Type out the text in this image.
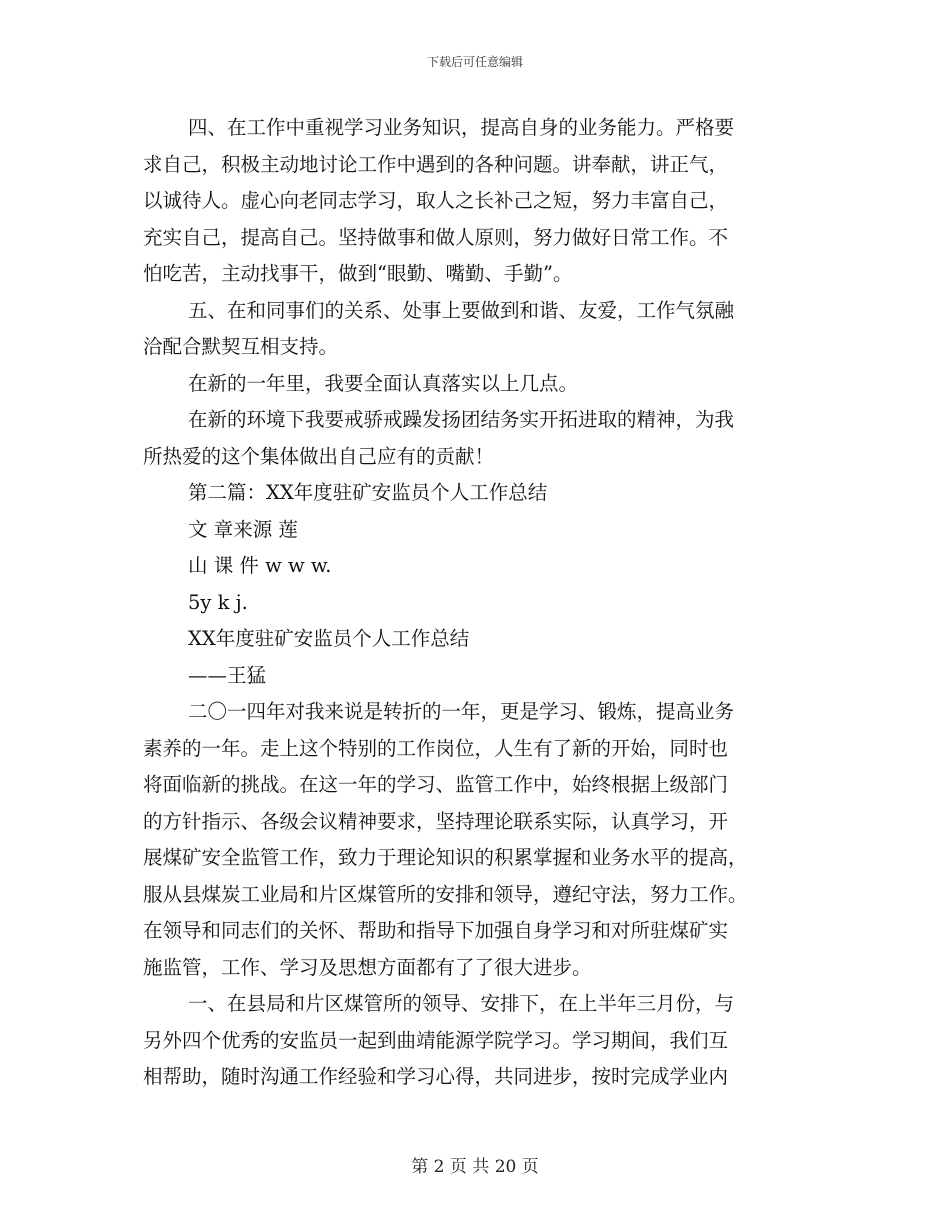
下载后可任意编辑
四、在工作中重视学习业务知识，提高自身的业务能力。严格要
求自己，积极主动地讨论工作中遇到的各种问题。讲奉献，讲正气，
以诚待人。虚心向老同志学习，取人之长补己之短，努力丰富自己，
充实自己，提高自己。坚持做事和做人原则，努力做好日常工作。不
怕吃苦，主动找事干，做到“眼勤、嘴勤、手勤”。
五、在和同事们的关系、处事上要做到和谐、友爱，工作气氛融
洽配合默契互相支持。
在新的一年里，我要全面认真落实以上几点。
在新的环境下我要戒骄戒躁发扬团结务实开拓进取的精神，为我
所热爱的这个集体做出自己应有的贡献！
第二篇：XX年度驻矿安监员个人工作总结
文 章来源 莲
山 课 件 w w w.
5y k j.
XX年度驻矿安监员个人工作总结
——王猛
二〇一四年对我来说是转折的一年，更是学习、锻炼，提高业务
素养的一年。走上这个特别的工作岗位，人生有了新的开始，同时也
将面临新的挑战。在这一年的学习、监管工作中，始终根据上级部门
的方针指示、各级会议精神要求，坚持理论联系实际，认真学习，开
展煤矿安全监管工作，致力于理论知识的积累掌握和业务水平的提高，
服从县煤炭工业局和片区煤管所的安排和领导，遵纪守法，努力工作。
在领导和同志们的关怀、帮助和指导下加强自身学习和对所驻煤矿实
施监管，工作、学习及思想方面都有了了很大进步。
一、在县局和片区煤管所的领导、安排下，在上半年三月份，与
另外四个优秀的安监员一起到曲靖能源学院学习。学习期间，我们互
相帮助，随时沟通工作经验和学习心得，共同进步，按时完成学业内
第 2 页 共 20 页
